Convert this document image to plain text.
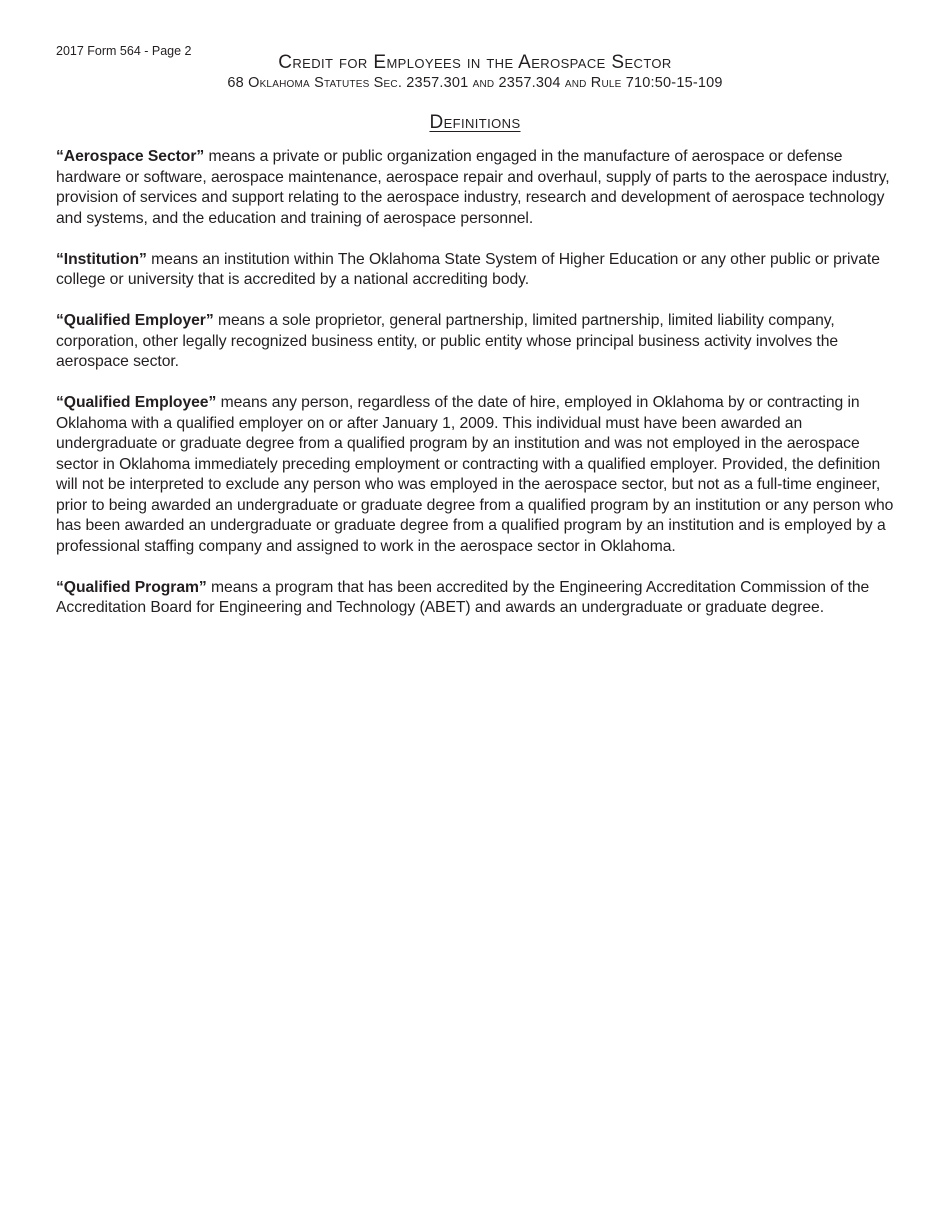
2017 Form 564 - Page 2
Credit for Employees in the Aerospace Sector
68 Oklahoma Statutes Sec. 2357.301 and 2357.304 and Rule 710:50-15-109
Definitions

“Aerospace Sector” means a private or public organization engaged in the manufacture of aerospace or defense hardware or software, aerospace maintenance, aerospace repair and overhaul, supply of parts to the aerospace industry, provision of services and support relating to the aerospace industry, research and development of aerospace technology and systems, and the education and training of aerospace personnel.

“Institution” means an institution within The Oklahoma State System of Higher Education or any other public or private college or university that is accredited by a national accrediting body.

“Qualified Employer” means a sole proprietor, general partnership, limited partnership, limited liability company, corporation, other legally recognized business entity, or public entity whose principal business activity involves the aerospace sector.

“Qualified Employee” means any person, regardless of the date of hire, employed in Oklahoma by or contracting in Oklahoma with a qualified employer on or after January 1, 2009. This individual must have been awarded an undergraduate or graduate degree from a qualified program by an institution and was not employed in the aerospace sector in Oklahoma immediately preceding employment or contracting with a qualified employer. Provided, the definition will not be interpreted to exclude any person who was employed in the aerospace sector, but not as a full-time engineer, prior to being awarded an undergraduate or graduate degree from a qualified program by an institution or any person who has been awarded an undergraduate or graduate degree from a qualified program by an institution and is employed by a professional staffing company and assigned to work in the aerospace sector in Oklahoma.

“Qualified Program” means a program that has been accredited by the Engineering Accreditation Commission of the Accreditation Board for Engineering and Technology (ABET) and awards an undergraduate or graduate degree.
